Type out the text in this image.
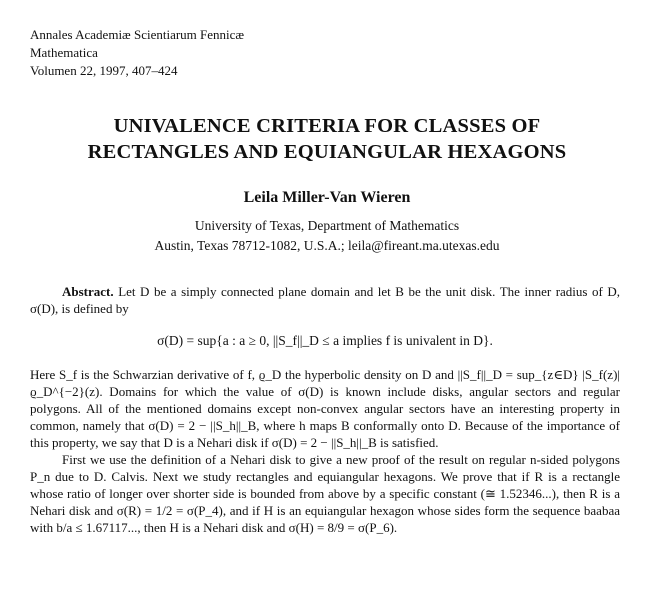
Annales Academiæ Scientiarum Fennicæ
Mathematica
Volumen 22, 1997, 407–424
UNIVALENCE CRITERIA FOR CLASSES OF
RECTANGLES AND EQUIANGULAR HEXAGONS
Leila Miller-Van Wieren
University of Texas, Department of Mathematics
Austin, Texas 78712-1082, U.S.A.; leila@fireant.ma.utexas.edu

Abstract. Let D be a simply connected plane domain and let B be the unit disk. The inner radius of D, σ(D), is defined by

σ(D) = sup{a : a ≥ 0, ||S_f||_D ≤ a implies f is univalent in D}.

Here S_f is the Schwarzian derivative of f, ϱ_D the hyperbolic density on D and ||S_f||_D = sup_{z∈D} |S_f(z)|ϱ_D^{−2}(z). Domains for which the value of σ(D) is known include disks, angular sectors and regular polygons. All of the mentioned domains except non-convex angular sectors have an interesting property in common, namely that σ(D) = 2 − ||S_h||_B, where h maps B conformally onto D. Because of the importance of this property, we say that D is a Nehari disk if σ(D) = 2 − ||S_h||_B is satisfied.

First we use the definition of a Nehari disk to give a new proof of the result on regular n-sided polygons P_n due to D. Calvis. Next we study rectangles and equiangular hexagons. We prove that if R is a rectangle whose ratio of longer over shorter side is bounded from above by a specific constant (≅ 1.52346...), then R is a Nehari disk and σ(R) = 1/2 = σ(P_4), and if H is an equiangular hexagon whose sides form the sequence baabaa with b/a ≤ 1.67117..., then H is a Nehari disk and σ(H) = 8/9 = σ(P_6).
